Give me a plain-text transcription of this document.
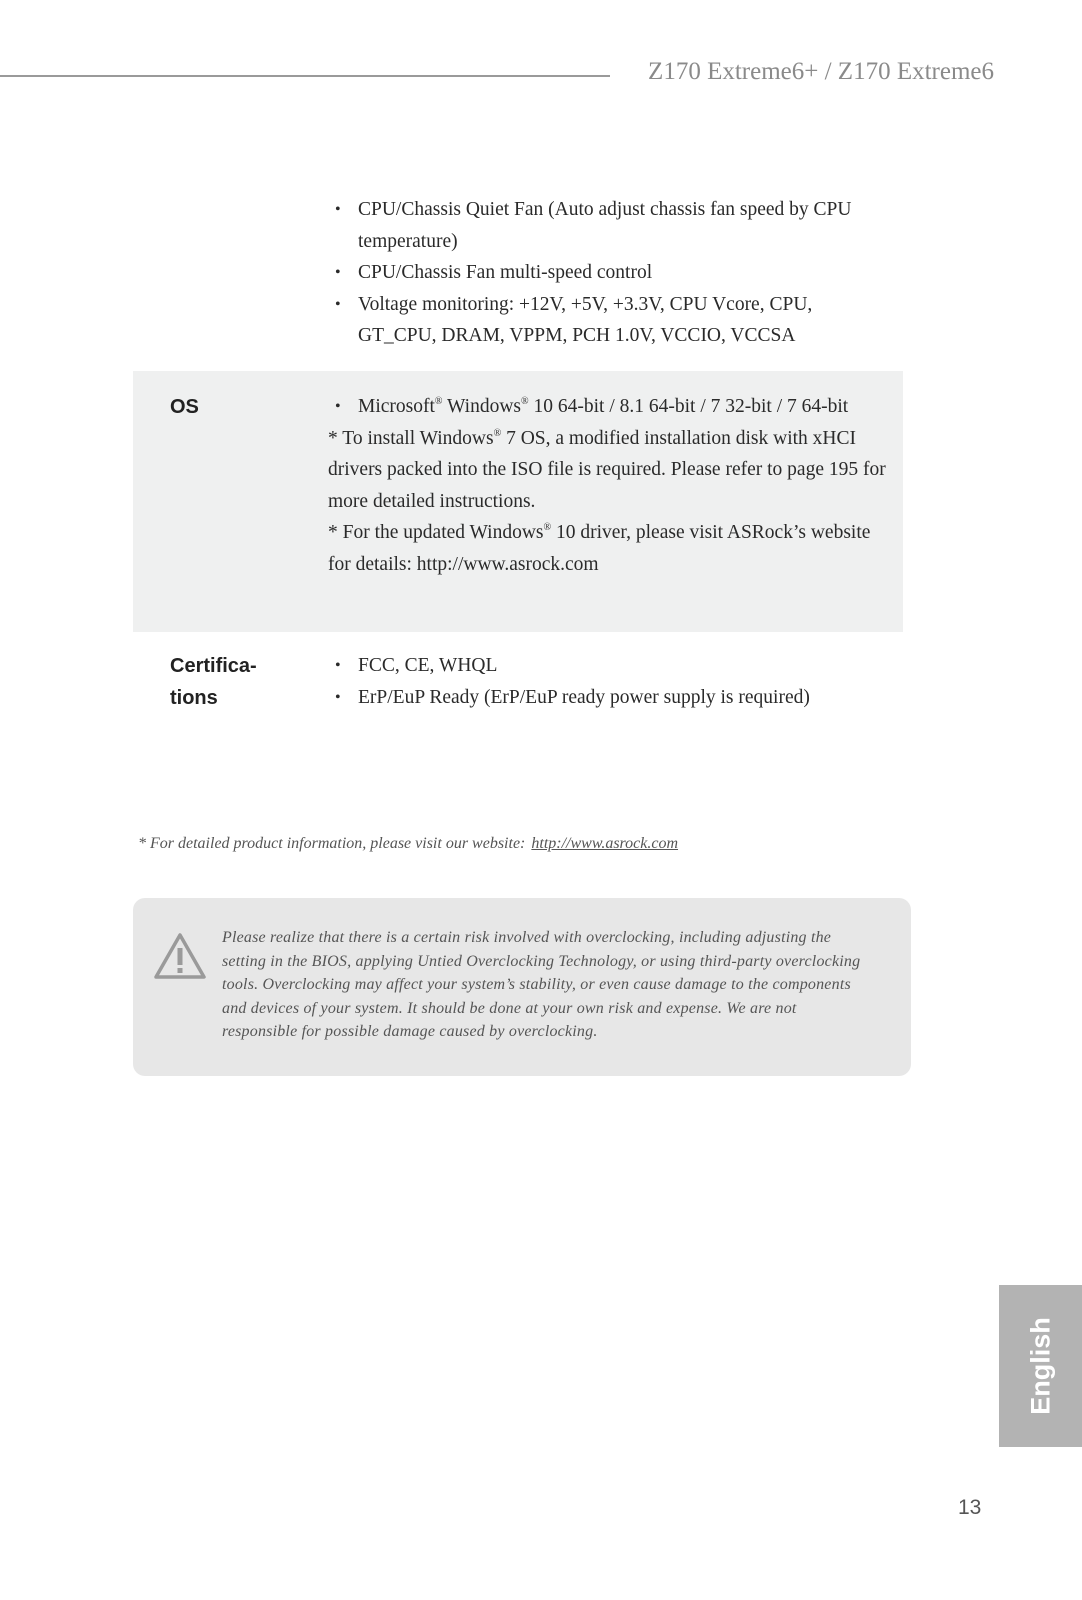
Z170 Extreme6+ / Z170 Extreme6
• CPU/Chassis Quiet Fan (Auto adjust chassis fan speed by CPU temperature)
• CPU/Chassis Fan multi-speed control
• Voltage monitoring: +12V, +5V, +3.3V, CPU Vcore, CPU, GT_CPU, DRAM, VPPM, PCH 1.0V, VCCIO, VCCSA
OS	• Microsoft® Windows® 10 64-bit / 8.1 64-bit / 7 32-bit / 7 64-bit

* To install Windows® 7 OS, a modified installation disk with xHCI drivers packed into the ISO file is required. Please refer to page 195 for more detailed instructions.

* For the updated Windows® 10 driver, please visit ASRock’s website for details: http://www.asrock.com

Certifica-
tions
• FCC, CE, WHQL
• ErP/EuP Ready (ErP/EuP ready power supply is required)
* For detailed product information, please visit our website: http://www.asrock.com
Please realize that there is a certain risk involved with overclocking, including adjusting the setting in the BIOS, applying Untied Overclocking Technology, or using third-party overclocking tools. Overclocking may affect your system’s stability, or even cause damage to the components and devices of your system. It should be done at your own risk and expense. We are not responsible for possible damage caused by overclocking.
English
13
